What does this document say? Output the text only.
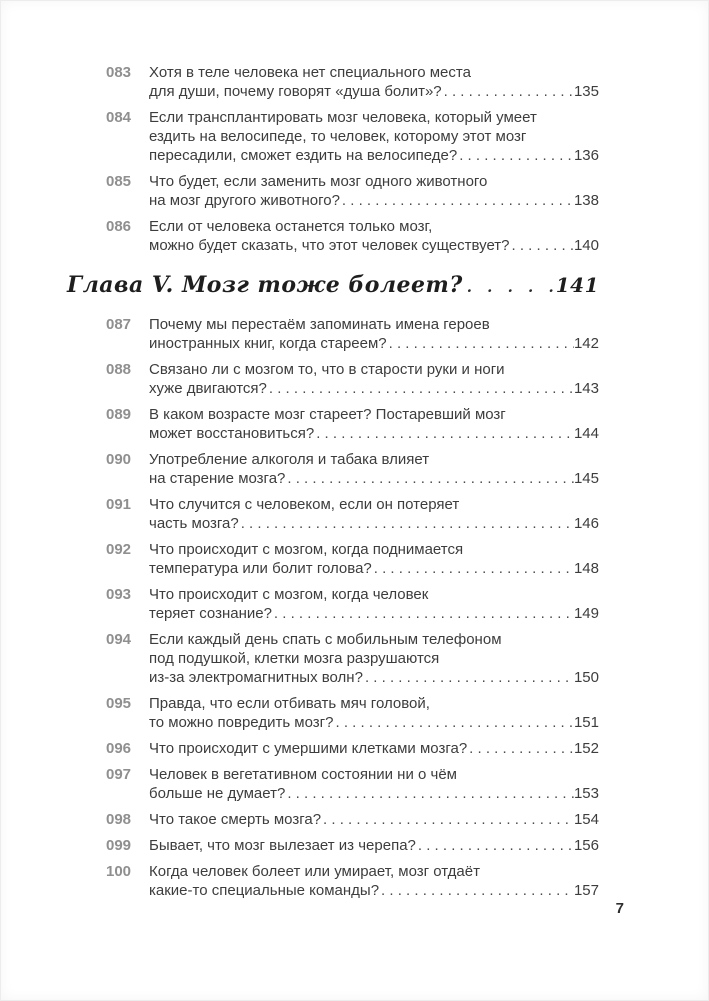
083	Хотя в теле человека нет специального места
для души, почему говорят «душа болит»? . . .	135
084	Если трансплантировать мозг человека, который умеет
ездить на велосипеде, то человек, которому этот мозг
пересадили, сможет ездить на велосипеде? . . .	136
085	Что будет, если заменить мозг одного животного
на мозг другого животного? . . .	138
086	Если от человека останется только мозг,
можно будет сказать, что этот человек существует? . . .	140
Глава V. Мозг тоже болеет? . . .	141
087	Почему мы перестаём запоминать имена героев
иностранных книг, когда стареем? . . .	142
088	Связано ли с мозгом то, что в старости руки и ноги
хуже двигаются? . . .	143
089	В каком возрасте мозг стареет? Постаревший мозг
может восстановиться? . . .	144
090	Употребление алкоголя и табака влияет
на старение мозга? . . .	145
091	Что случится с человеком, если он потеряет
часть мозга? . . .	146
092	Что происходит с мозгом, когда поднимается
температура или болит голова? . . .	148
093	Что происходит с мозгом, когда человек
теряет сознание? . . .	149
094	Если каждый день спать с мобильным телефоном
под подушкой, клетки мозга разрушаются
из-за электромагнитных волн? . . .	150
095	Правда, что если отбивать мяч головой,
то можно повредить мозг? . . .	151
096	Что происходит с умершими клетками мозга? . . .	152
097	Человек в вегетативном состоянии ни о чём
больше не думает? . . .	153
098	Что такое смерть мозга? . . .	154
099	Бывает, что мозг вылезает из черепа? . . .	156
100	Когда человек болеет или умирает, мозг отдаёт
какие-то специальные команды? . . .	157
7
